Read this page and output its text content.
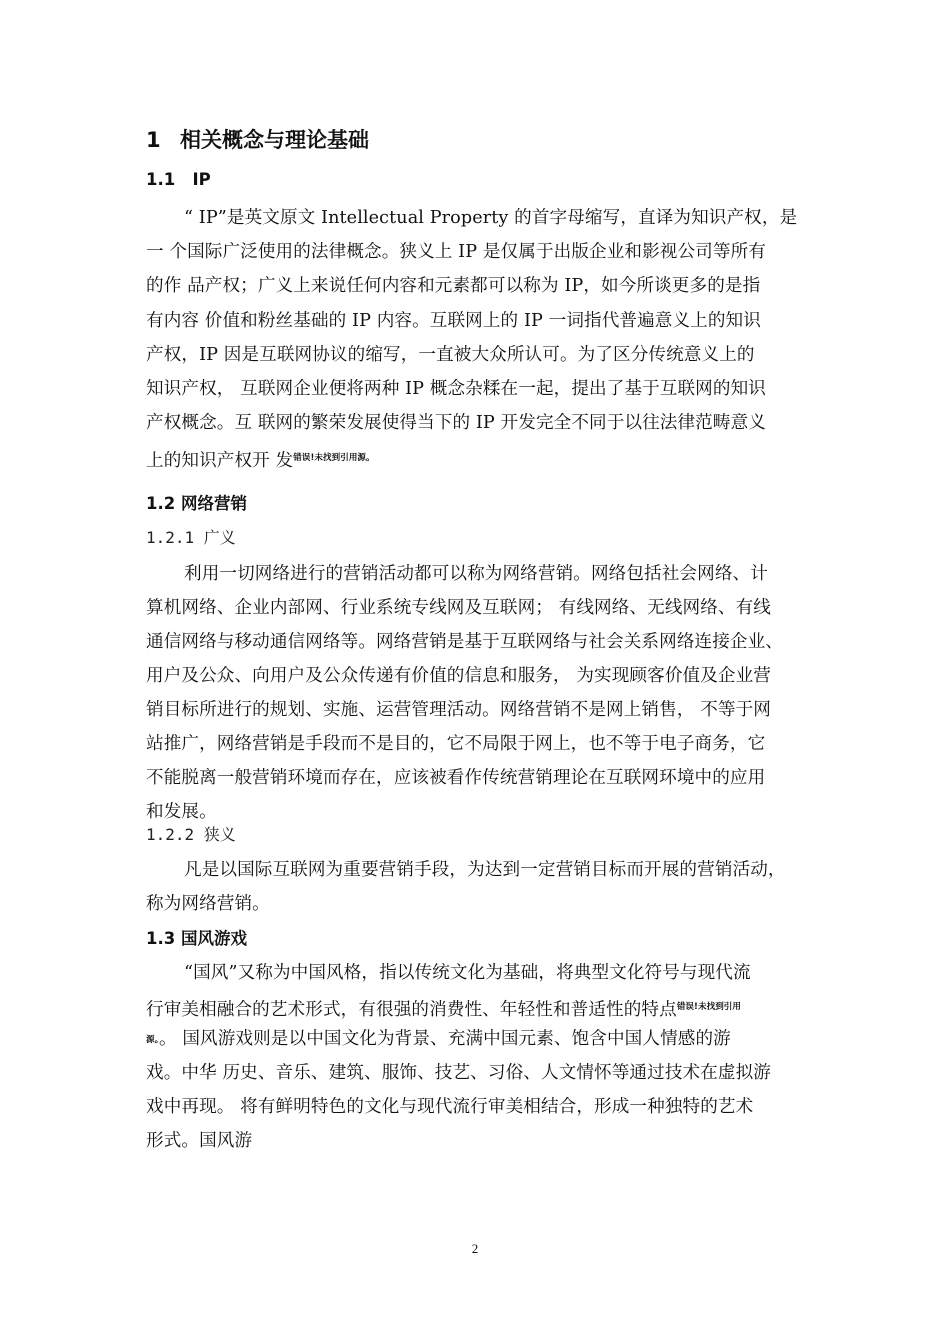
1 相关概念与理论基础
1.1   IP
“ IP”是英文原文 Intellectual Property 的首字母缩写，直译为知识产权，是
一 个国际广泛使用的法律概念。狭义上 IP 是仅属于出版企业和影视公司等所有
的作 品产权；广义上来说任何内容和元素都可以称为 IP，如今所谈更多的是指
有内容 价值和粉丝基础的 IP 内容。互联网上的 IP 一词指代普遍意义上的知识
产权，IP 因是互联网协议的缩写，一直被大众所认可。为了区分传统意义上的
知识产权， 互联网企业便将两种 IP 概念杂糅在一起，提出了基于互联网的知识
产权概念。互 联网的繁荣发展使得当下的 IP 开发完全不同于以往法律范畴意义
上的知识产权开 发$^{错误!未找到引用源。}$
1.2 网络营销
1.2.1 广义
利用一切网络进行的营销活动都可以称为网络营销。网络包括社会网络、计
算机网络、企业内部网、行业系统专线网及互联网； 有线网络、无线网络、有线
通信网络与移动通信网络等。网络营销是基于互联网络与社会关系网络连接企业、
用户及公众、向用户及公众传递有价值的信息和服务， 为实现顾客价值及企业营
销目标所进行的规划、实施、运营管理活动。网络营销不是网上销售， 不等于网
站推广，网络营销是手段而不是目的，它不局限于网上，也不等于电子商务，它
不能脱离一般营销环境而存在，应该被看作传统营销理论在互联网环境中的应用
和发展。
1.2.2 狭义
凡是以国际互联网为重要营销手段，为达到一定营销目标而开展的营销活动，
称为网络营销。
1.3 国风游戏
“国风”又称为中国风格，指以传统文化为基础，将典型文化符号与现代流
行审美相融合的艺术形式，有很强的消费性、年轻性和普适性的特点$^{错误!未找到引用}$
源。。 国风游戏则是以中国文化为背景、充满中国元素、饱含中国人情感的游
戏。中华 历史、音乐、建筑、服饰、技艺、习俗、人文情怀等通过技术在虚拟游
戏中再现。 将有鲜明特色的文化与现代流行审美相结合，形成一种独特的艺术
形式。国风游
2
